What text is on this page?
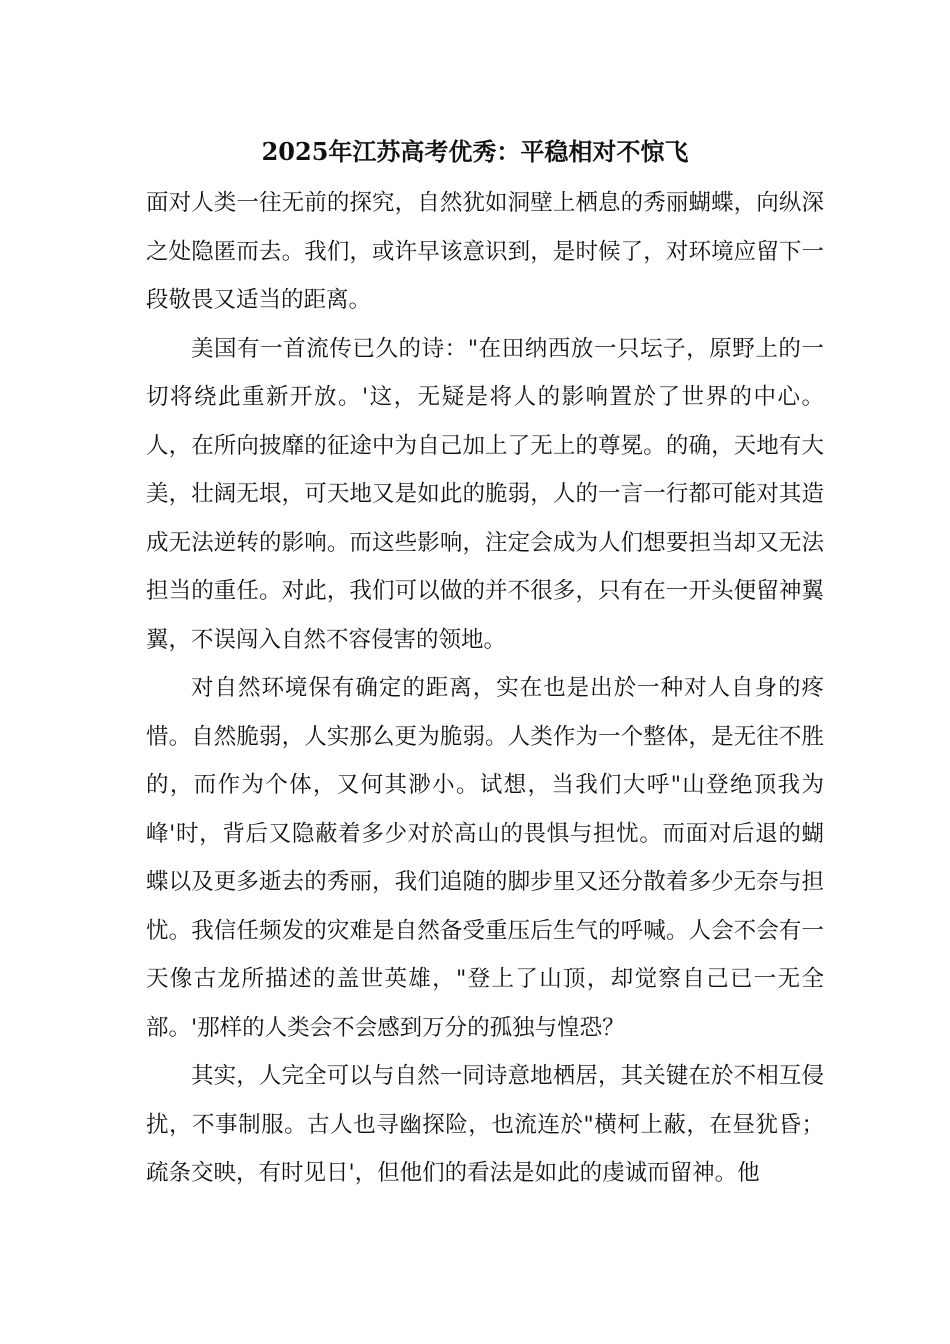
2025年江苏高考优秀：平稳相对不惊飞

面对人类一往无前的探究，自然犹如洞壁上栖息的秀丽蝴蝶，向纵深之处隐匿而去。我们，或许早该意识到，是时候了，对环境应留下一段敬畏又适当的距离。

美国有一首流传已久的诗："在田纳西放一只坛子，原野上的一切将绕此重新开放。'这，无疑是将人的影响置於了世界的中心。人，在所向披靡的征途中为自己加上了无上的尊冕。的确，天地有大美，壮阔无垠，可天地又是如此的脆弱，人的一言一行都可能对其造成无法逆转的影响。而这些影响，注定会成为人们想要担当却又无法担当的重任。对此，我们可以做的并不很多，只有在一开头便留神翼翼，不误闯入自然不容侵害的领地。

对自然环境保有确定的距离，实在也是出於一种对人自身的疼惜。自然脆弱，人实那么更为脆弱。人类作为一个整体，是无往不胜的，而作为个体，又何其渺小。试想，当我们大呼"山登绝顶我为峰'时，背后又隐蔽着多少对於高山的畏惧与担忧。而面对后退的蝴蝶以及更多逝去的秀丽，我们追随的脚步里又还分散着多少无奈与担忧。我信任频发的灾难是自然备受重压后生气的呼喊。人会不会有一天像古龙所描述的盖世英雄，"登上了山顶，却觉察自己已一无全部。'那样的人类会不会感到万分的孤独与惶恐？

其实，人完全可以与自然一同诗意地栖居，其关键在於不相互侵扰，不事制服。古人也寻幽探险，也流连於"横柯上蔽，在昼犹昏；疏条交映，有时见日'，但他们的看法是如此的虔诚而留神。他
